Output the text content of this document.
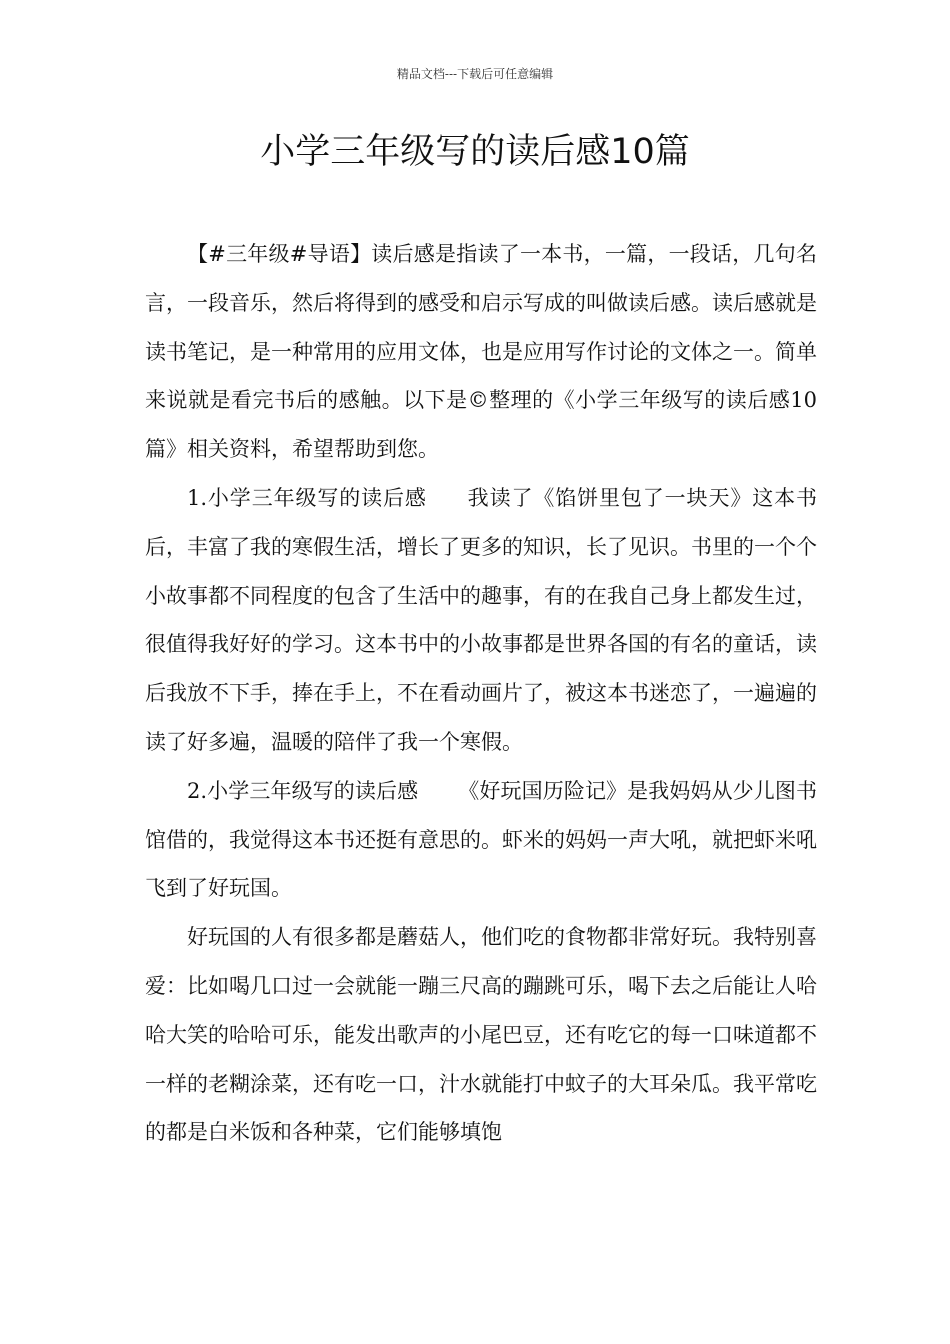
精品文档---下载后可任意编辑
小学三年级写的读后感10篇

【#三年级#导语】读后感是指读了一本书，一篇，一段话，几句名言，一段音乐，然后将得到的感受和启示写成的叫做读后感。读后感就是读书笔记，是一种常用的应用文体，也是应用写作讨论的文体之一。简单来说就是看完书后的感触。以下是©整理的《小学三年级写的读后感10篇》相关资料，希望帮助到您。

1.小学三年级写的读后感 我读了《馅饼里包了一块天》这本书后，丰富了我的寒假生活，增长了更多的知识，长了见识。书里的一个个小故事都不同程度的包含了生活中的趣事，有的在我自己身上都发生过，很值得我好好的学习。这本书中的小故事都是世界各国的有名的童话，读后我放不下手，捧在手上，不在看动画片了，被这本书迷恋了，一遍遍的读了好多遍，温暖的陪伴了我一个寒假。

2.小学三年级写的读后感 《好玩国历险记》是我妈妈从少儿图书馆借的，我觉得这本书还挺有意思的。虾米的妈妈一声大吼，就把虾米吼飞到了好玩国。

好玩国的人有很多都是蘑菇人，他们吃的食物都非常好玩。我特别喜爱：比如喝几口过一会就能一蹦三尺高的蹦跳可乐，喝下去之后能让人哈哈大笑的哈哈可乐，能发出歌声的小尾巴豆，还有吃它的每一口味道都不一样的老糊涂菜，还有吃一口，汁水就能打中蚊子的大耳朵瓜。我平常吃的都是白米饭和各种菜，它们能够填饱
